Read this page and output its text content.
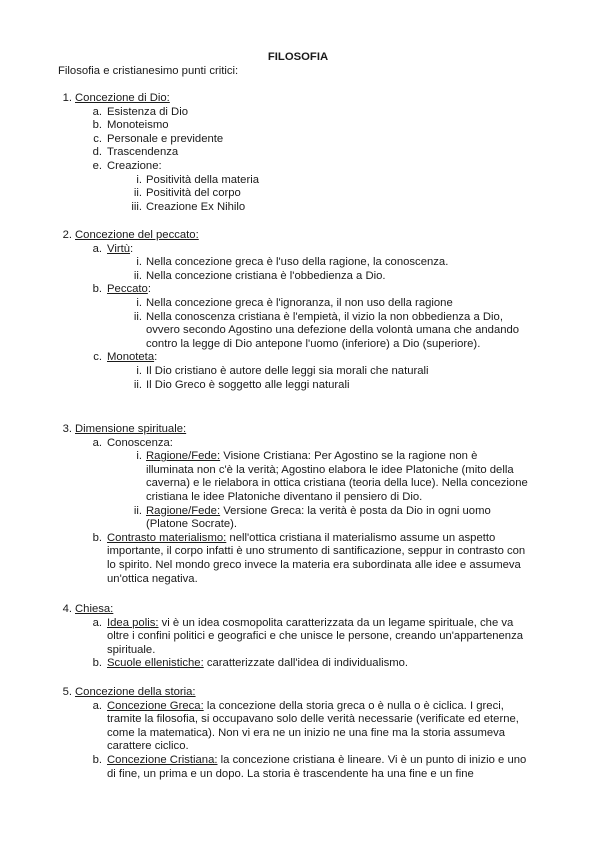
FILOSOFIA
Filosofia e cristianesimo punti critici:
1. Concezione di Dio:
a. Esistenza di Dio
b. Monoteismo
c. Personale e previdente
d. Trascendenza
e. Creazione:
i. Positività della materia
ii. Positività del corpo
iii. Creazione Ex Nihilo
2. Concezione del peccato:
a. Virtù:
i. Nella concezione greca è l'uso della ragione, la conoscenza.
ii. Nella concezione cristiana è l'obbedienza a Dio.
b. Peccato:
i. Nella concezione greca è l'ignoranza, il non uso della ragione
ii. Nella conoscenza cristiana è l'empietà, il vizio la non obbedienza a Dio, ovvero secondo Agostino una defezione della volontà umana che andando contro la legge di Dio antepone l'uomo (inferiore) a Dio (superiore).
c. Monoteta:
i. Il Dio cristiano è autore delle leggi sia morali che naturali
ii. Il Dio Greco è soggetto alle leggi naturali
3. Dimensione spirituale:
a. Conoscenza:
i. Ragione/Fede: Visione Cristiana: Per Agostino se la ragione non è illuminata non c'è la verità; Agostino elabora le idee Platoniche (mito della caverna) e le rielabora in ottica cristiana (teoria della luce). Nella concezione cristiana le idee Platoniche diventano il pensiero di Dio.
ii. Ragione/Fede: Versione Greca: la verità è posta da Dio in ogni uomo (Platone Socrate).
b. Contrasto materialismo: nell'ottica cristiana il materialismo assume un aspetto importante, il corpo infatti è uno strumento di santificazione, seppur in contrasto con lo spirito. Nel mondo greco invece la materia era subordinata alle idee e assumeva un'ottica negativa.
4. Chiesa:
a. Idea polis: vi è un idea cosmopolita caratterizzata da un legame spirituale, che va oltre i confini politici e geografici e che unisce le persone, creando un'appartenenza spirituale.
b. Scuole ellenistiche: caratterizzate dall'idea di individualismo.
5. Concezione della storia:
a. Concezione Greca: la concezione della storia greca o è nulla o è ciclica. I greci, tramite la filosofia, si occupavano solo delle verità necessarie (verificate ed eterne, come la matematica). Non vi era ne un inizio ne una fine ma la storia assumeva carattere ciclico.
b. Concezione Cristiana: la concezione cristiana è lineare. Vi è un punto di inizio e uno di fine, un prima e un dopo. La storia è trascendente ha una fine e un fine
